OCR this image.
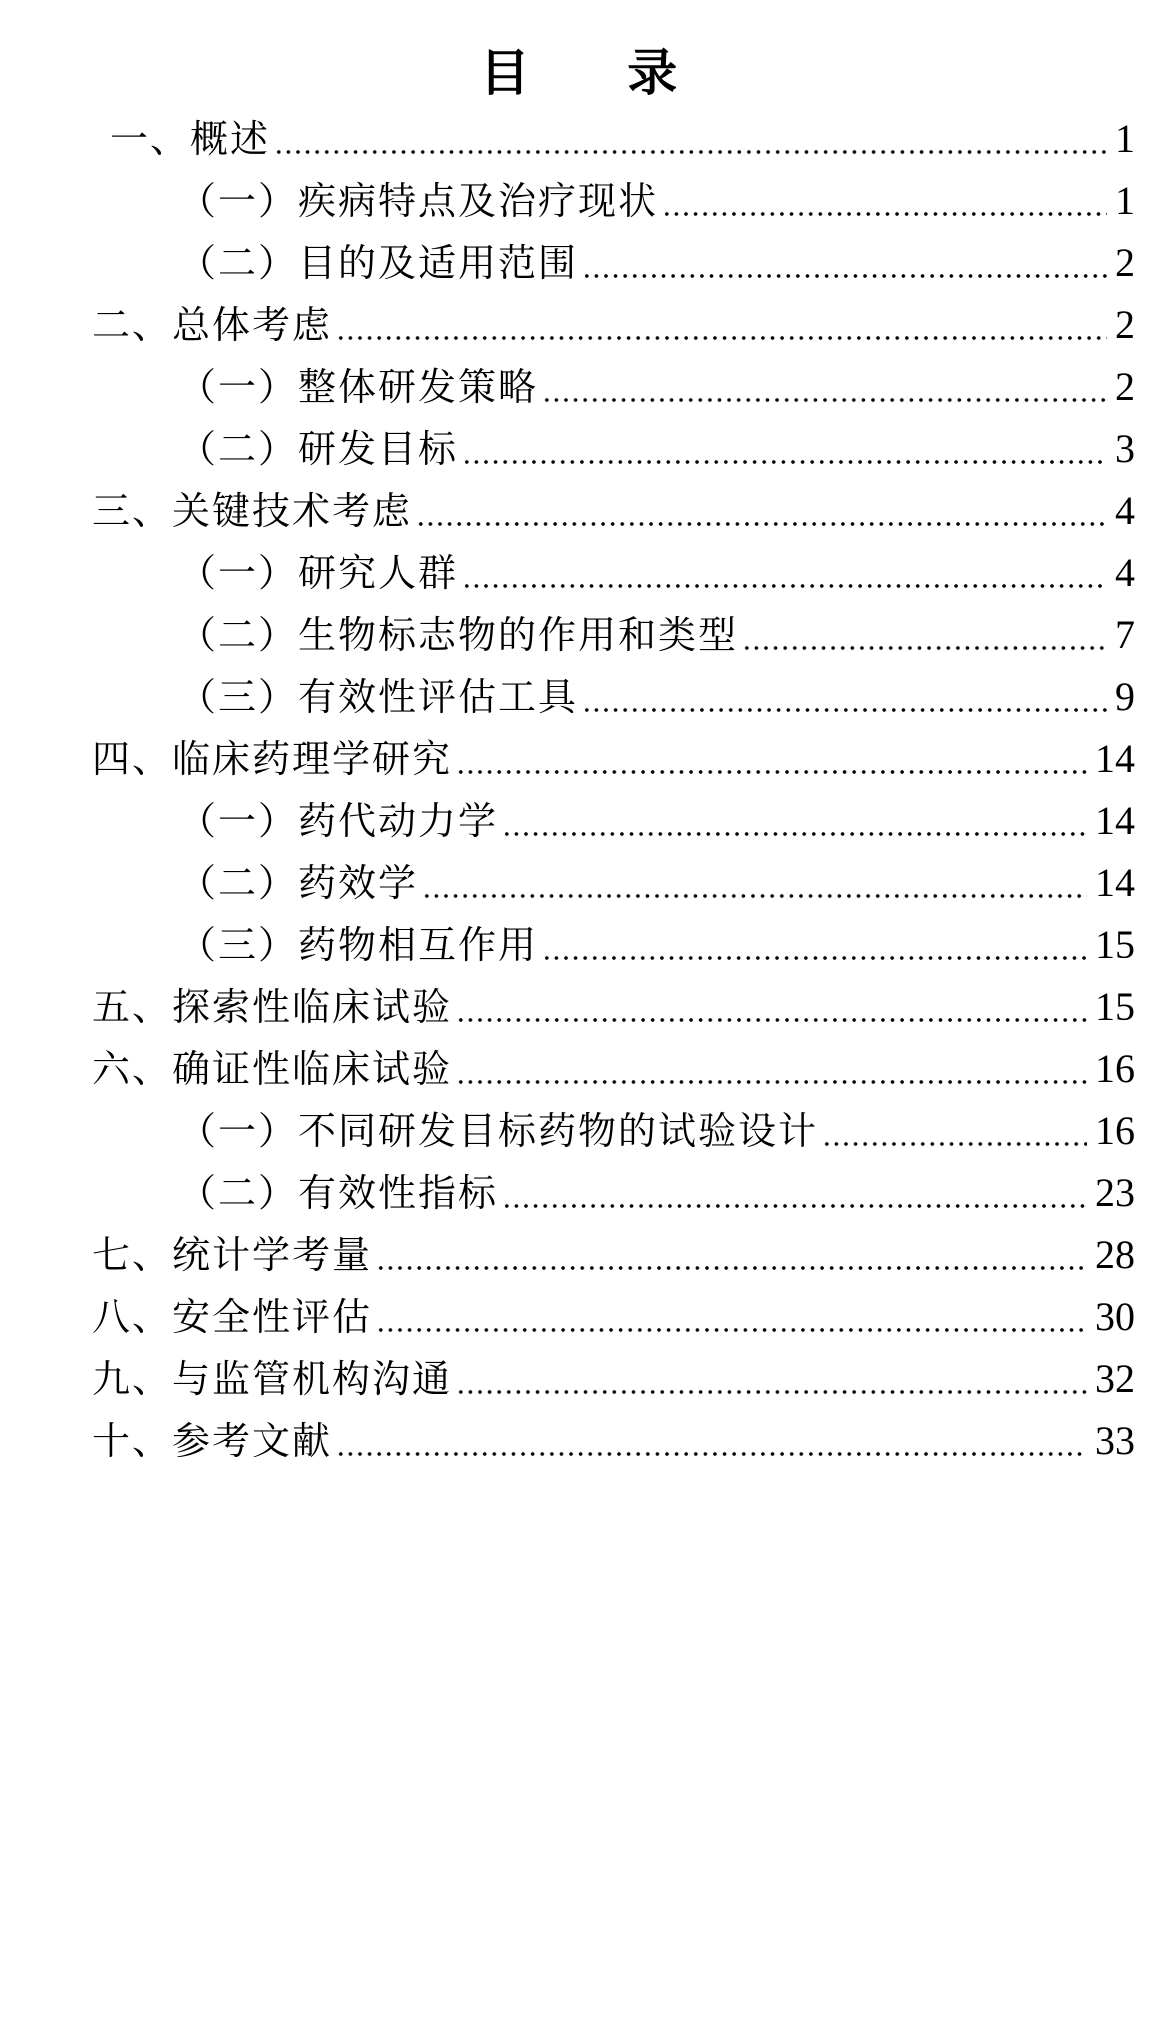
目 录
一、概述	1
（一）疾病特点及治疗现状	1
（二）目的及适用范围	2
二、总体考虑	2
（一）整体研发策略	2
（二）研发目标	3
三、关键技术考虑	4
（一）研究人群	4
（二）生物标志物的作用和类型	7
（三）有效性评估工具	9
四、临床药理学研究	14
（一）药代动力学	14
（二）药效学	14
（三）药物相互作用	15
五、探索性临床试验	15
六、确证性临床试验	16
（一）不同研发目标药物的试验设计	16
（二）有效性指标	23
七、统计学考量	28
八、安全性评估	30
九、与监管机构沟通	32
十、参考文献	33
